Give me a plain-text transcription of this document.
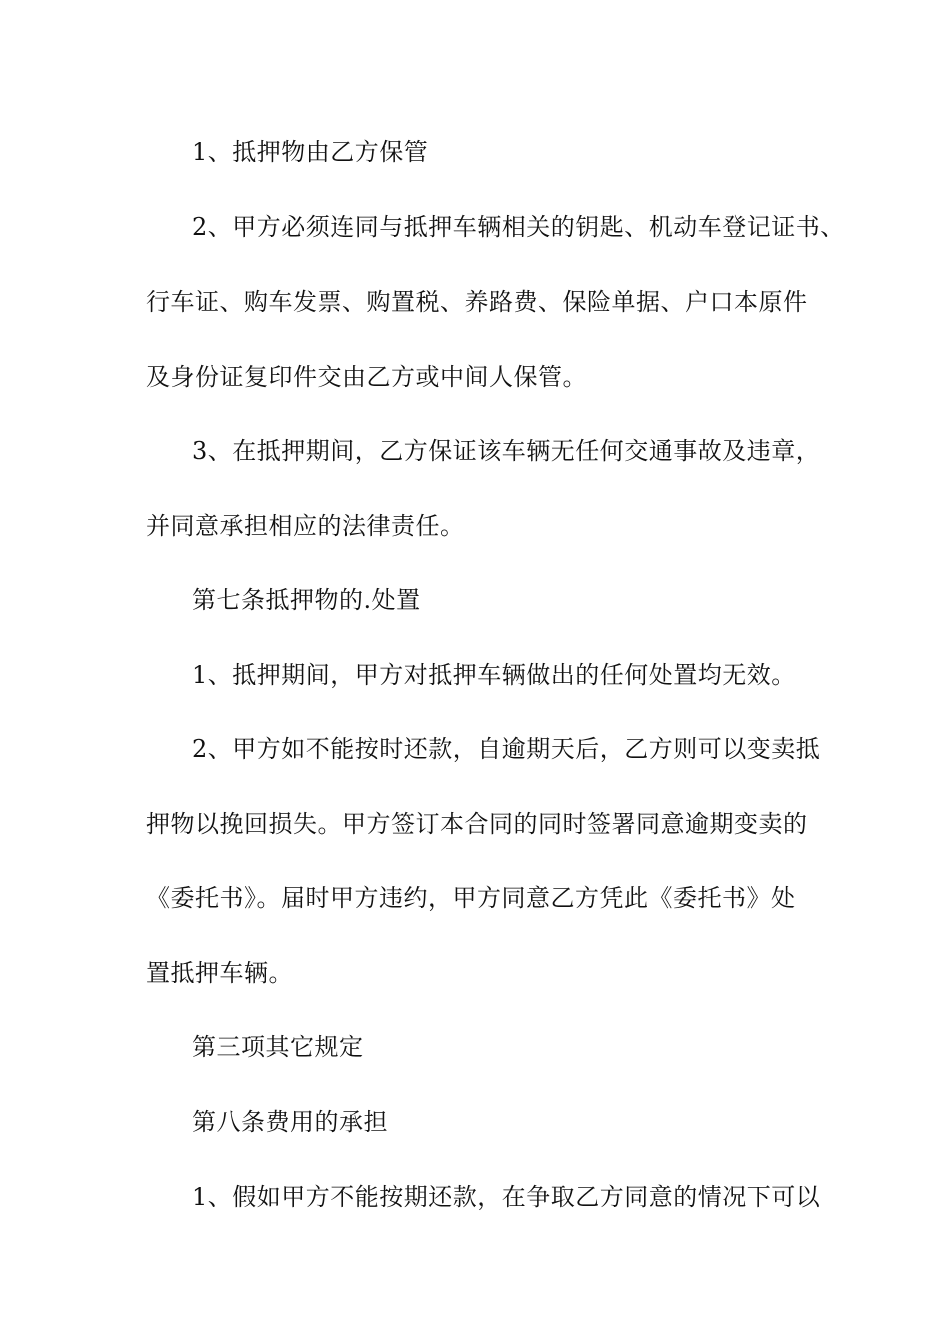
1、抵押物由乙方保管
2、甲方必须连同与抵押车辆相关的钥匙、机动车登记证书、
行车证、购车发票、购置税、养路费、保险单据、户口本原件
及身份证复印件交由乙方或中间人保管。
3、在抵押期间，乙方保证该车辆无任何交通事故及违章，
并同意承担相应的法律责任。
第七条抵押物的.处置
1、抵押期间，甲方对抵押车辆做出的任何处置均无效。
2、甲方如不能按时还款，自逾期天后，乙方则可以变卖抵
押物以挽回损失。甲方签订本合同的同时签署同意逾期变卖的
《委托书》。届时甲方违约，甲方同意乙方凭此《委托书》处
置抵押车辆。
第三项其它规定
第八条费用的承担
1、假如甲方不能按期还款，在争取乙方同意的情况下可以
